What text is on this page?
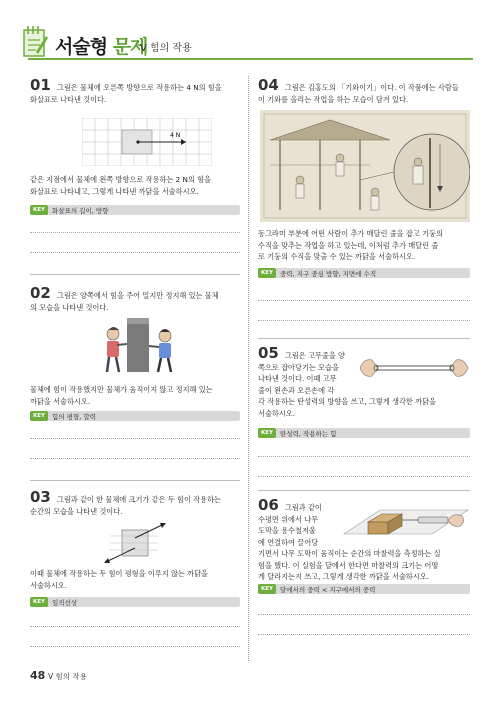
서술형 문제
Ⅴ 힘의 작용
01 그림은 물체에 오른쪽 방향으로 작용하는 4 N의 힘을
화살표로 나타낸 것이다.
4 N
같은 지점에서 물체에 왼쪽 방향으로 작용하는 2 N의 힘을
화살표로 나타내고, 그렇게 나타낸 까닭을 서술하시오.
KEY	화살표의 길이, 방향
02 그림은 양쪽에서 힘을 주어 밀지만 정지해 있는 물체
의 모습을 나타낸 것이다.
물체에 힘이 작용했지만 물체가 움직이지 않고 정지해 있는
까닭을 서술하시오.
KEY	힘의 평형, 합력
03 그림과 같이 한 물체에 크기가 같은 두 힘이 작용하는
순간의 모습을 나타낸 것이다.
이때 물체에 작용하는 두 힘이 평형을 이루지 않는 까닭을
서술하시오.
KEY	일직선상
04 그림은 김홍도의 「기와이기」이다. 이 작품에는 사람들
이 기와를 올리는 작업을 하는 모습이 담겨 있다.
동그라미 부분에 어떤 사람이 추가 매달린 줄을 잡고 기둥의
수직을 맞추는 작업을 하고 있는데, 이처럼 추가 매달린 줄
로 기둥의 수직을 맞출 수 있는 까닭을 서술하시오.
KEY	중력, 지구 중심 방향, 지면에 수직
05 그림은 고무줄을 양
쪽으로 잡아당기는 모습을
나타낸 것이다. 이때 고무
줄이 왼손과 오른손에 각
각 작용하는 탄성력의 방향을 쓰고, 그렇게 생각한 까닭을
서술하시오.
KEY	탄성력, 작용하는 힘
06 그림과 같이
수평면 위에서 나무
도막을 용수철저울
에 연결하여 끌어당
기면서 나무 도막이 움직이는 순간의 마찰력을 측정하는 실
험을 했다. 이 실험을 달에서 한다면 마찰력의 크기는 어떻
게 달라지는지 쓰고, 그렇게 생각한 까닭을 서술하시오.
KEY	달에서의 중력 < 지구에서의 중력
48 Ⅴ 힘의 작용
